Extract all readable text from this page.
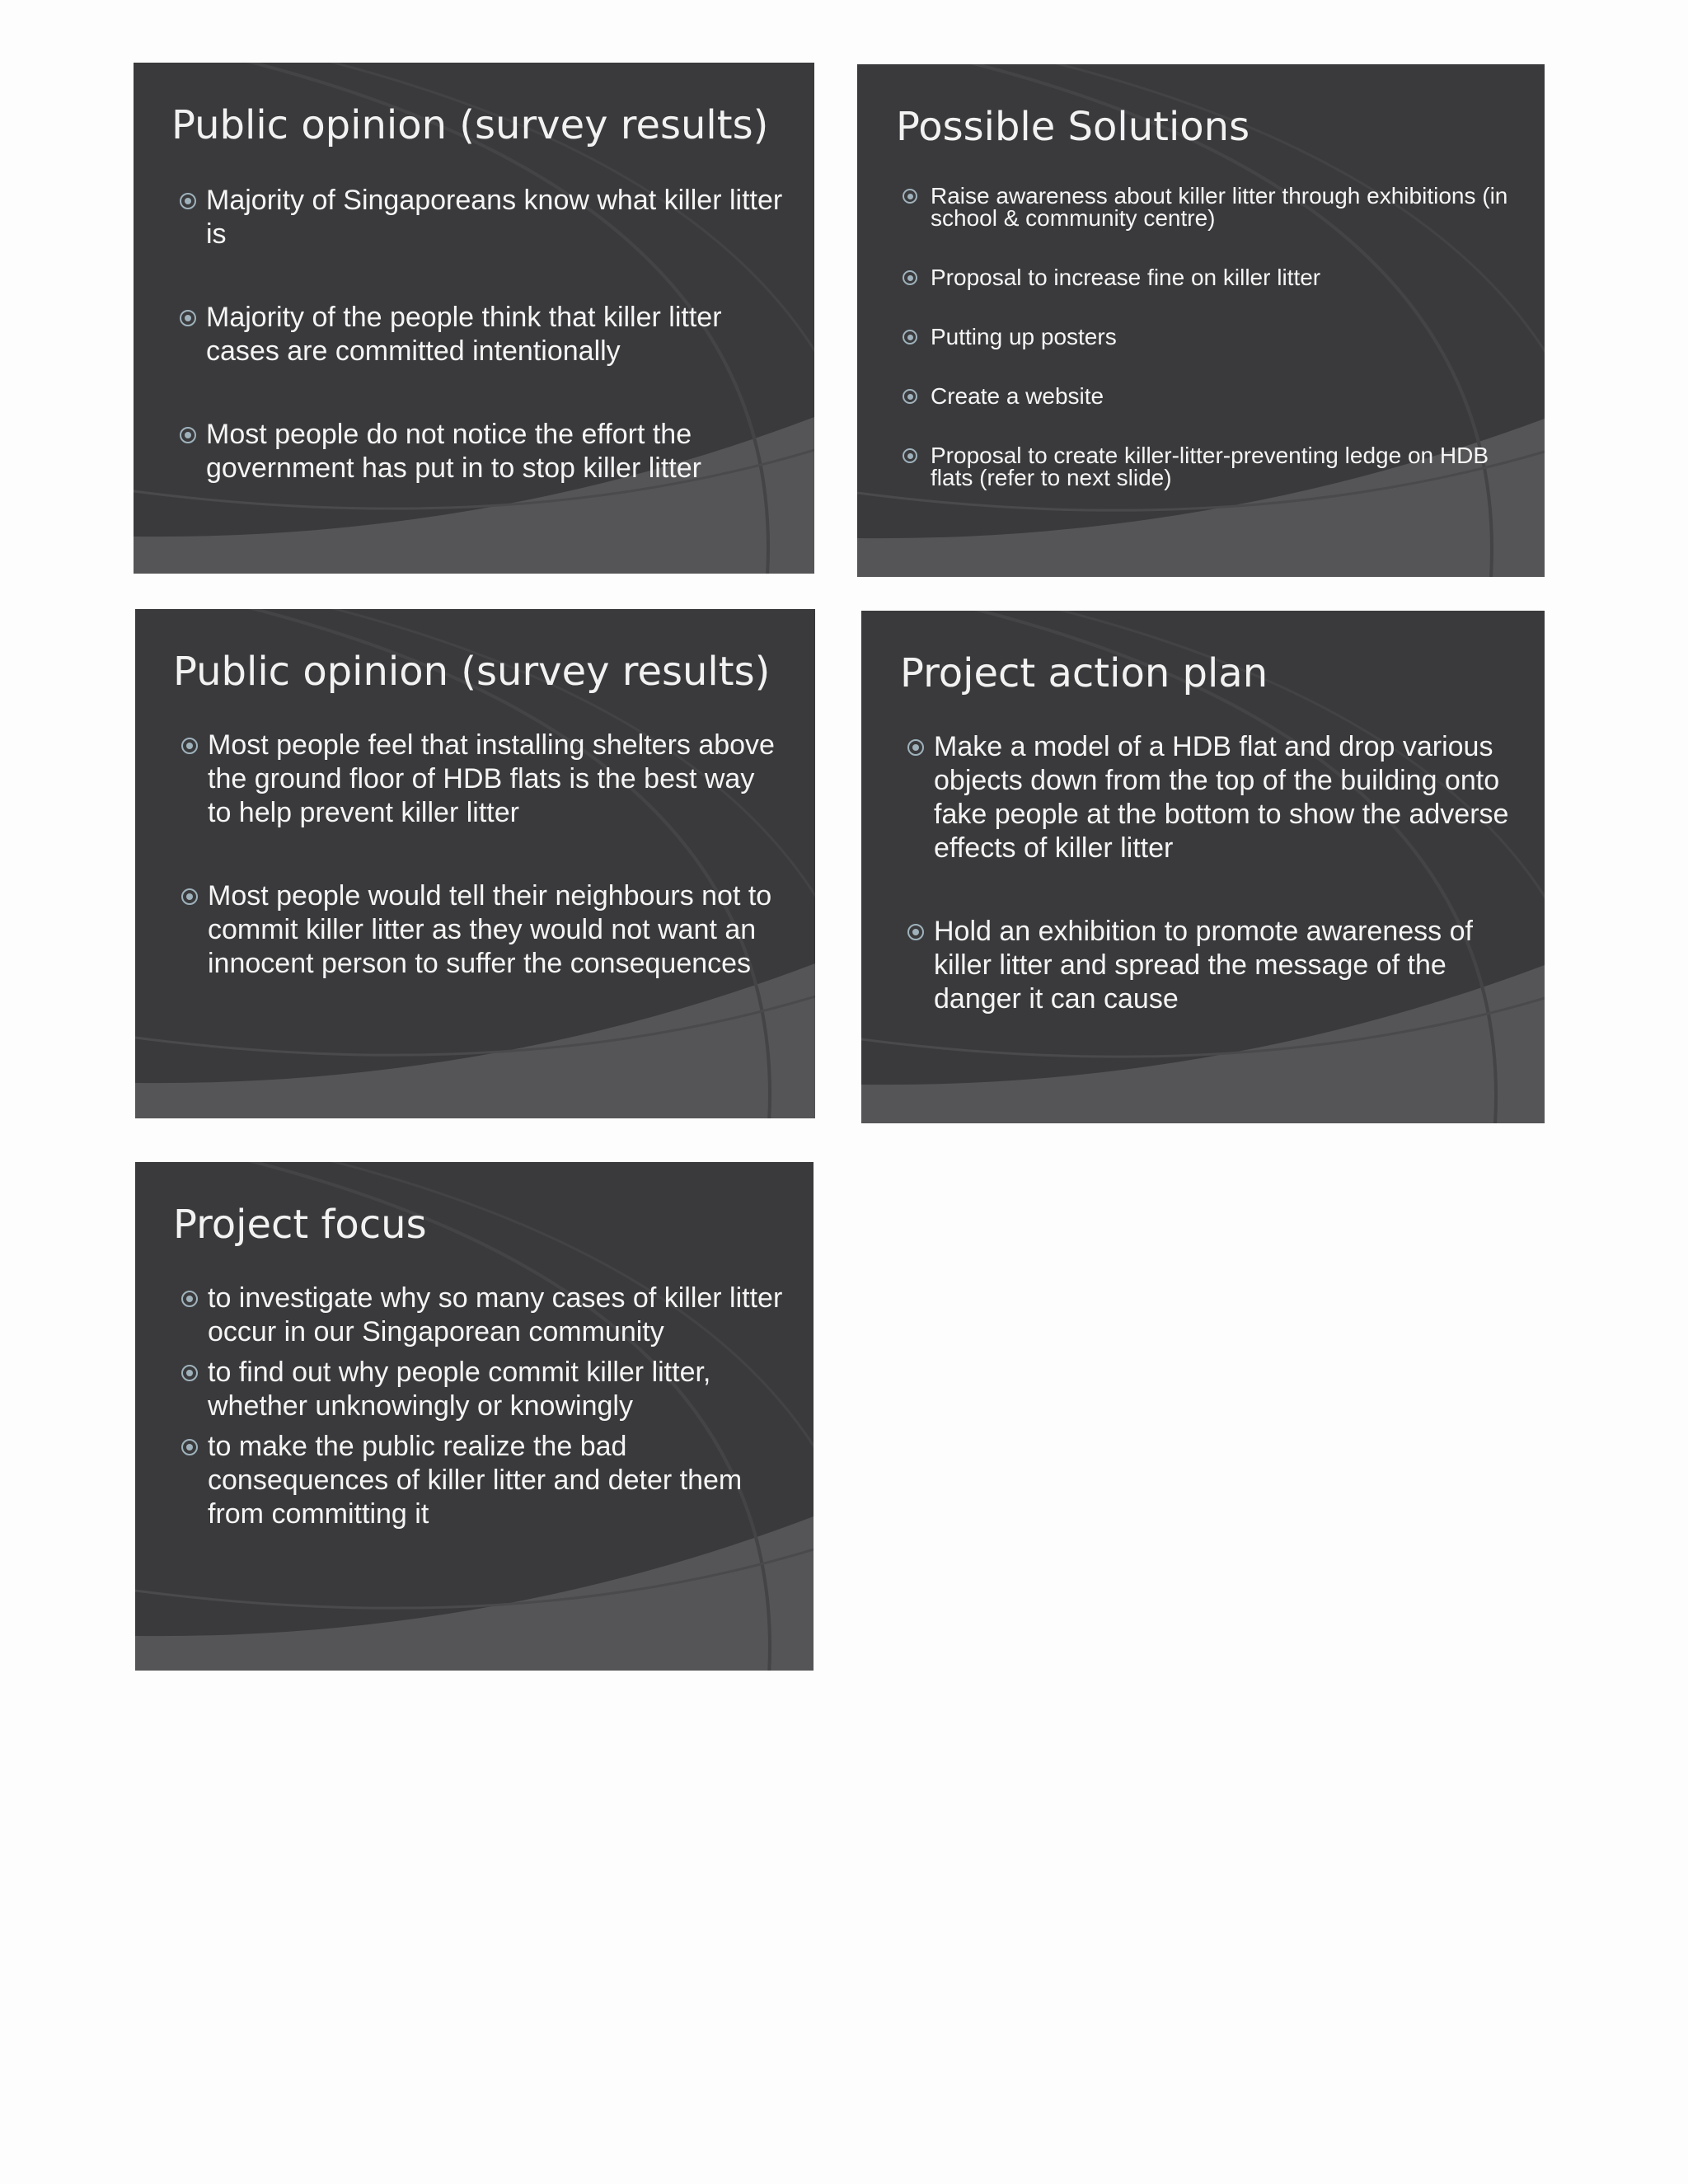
Public opinion (survey results)
Majority of Singaporeans know what killer litter is
Majority of the people think that killer litter cases are committed intentionally
Most people do not notice the effort the government has put in to stop killer litter
Possible Solutions
Raise awareness about killer litter through exhibitions (in school & community centre)
Proposal to increase fine on killer litter
Putting up posters
Create a website
Proposal to create killer-litter-preventing ledge on HDB flats (refer to next slide)
Public opinion (survey results)
Most people feel that installing shelters above the ground floor of HDB flats is the best way to help prevent killer litter
Most people would tell their neighbours not to commit killer litter as they would not want an innocent person to suffer the consequences
Project action plan
Make a model of a HDB flat and drop various objects down from the top of the building onto fake people at the bottom to show the adverse effects of killer litter
Hold an exhibition to promote awareness of killer litter and spread the message of the danger it can cause
Project focus
to investigate why so many cases of killer litter occur in our Singaporean community
to find out why people commit killer litter, whether unknowingly or knowingly
to make the public realize the bad consequences of killer litter and deter them from committing it
